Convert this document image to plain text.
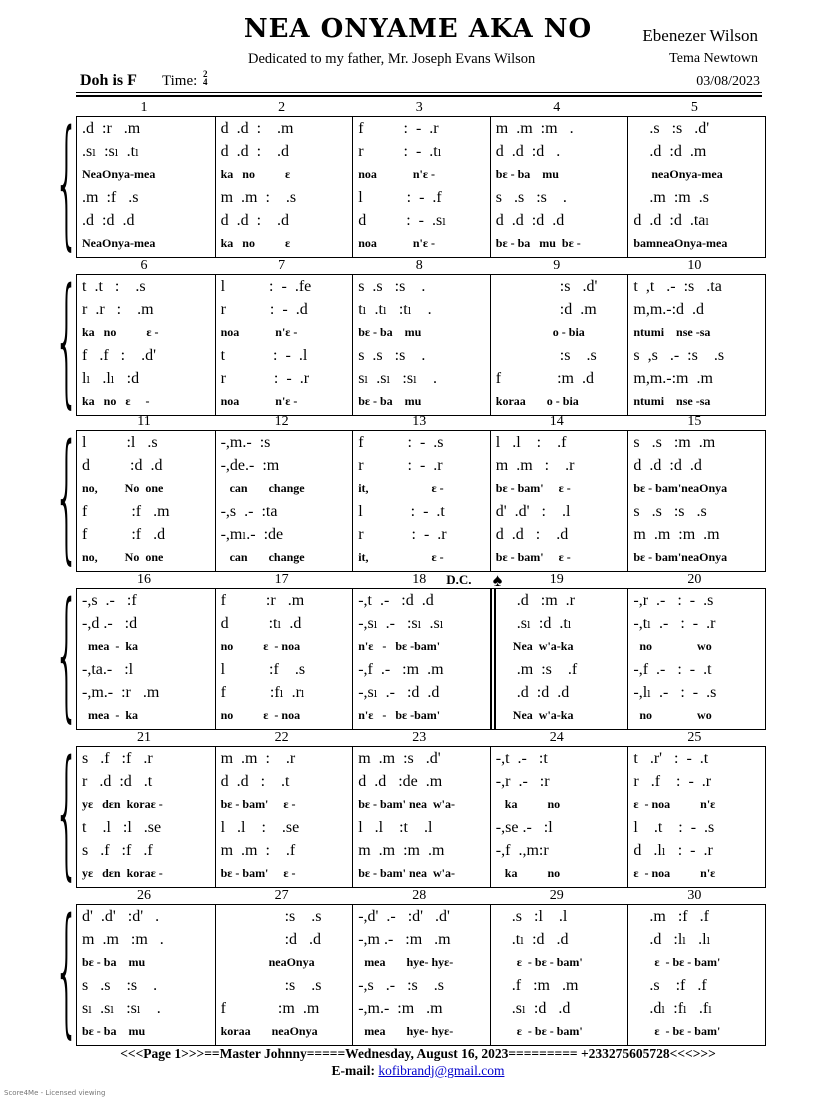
NEA ONYAME AKA NO	Ebenezer Wilson
Dedicated to my father, Mr. Joseph Evans Wilson	Tema Newtown
Doh is F Time: 2
4	03/08/2023
{	1	2	3	4	5
.d  :r   .m
.sₗ  :sₗ  .tₗ
NeaOnya-mea
.m  :f   .s
.d  :d  .d
NeaOnya-mea
d  .d  :    .m
d  .d  :    .d
ka   no          ɛ
m  .m  :    .s
d  .d  :    .d
ka   no          ɛ
f          :  -  .r
r          :  -  .tₗ
noa            n'ɛ -
l           :  -  .f
d          :  -  .sₗ
noa            n'ɛ -
m  .m  :m   .
d  .d  :d   .
bɛ - ba    mu
s   .s   :s    .
d  .d  :d  .d
bɛ - ba   mu  bɛ -
.s   :s   .d'
.d  :d  .m
neaOnya-mea
.m  :m  .s
d  .d  :d  .taₗ
bamneaOnya-mea
{	6	7	8	9	10
t  .t   :    .s
r  .r   :    .m
ka   no          ɛ -
f   .f   :    .d'
lₗ   .lₗ   :d
ka   no   ɛ     -
l           :  -  .fe
r           :  -  .d
noa            n'ɛ -
t            :  -  .l
r            :  -  .r
noa            n'ɛ -
s  .s   :s    .
tₗ  .tₗ   :tₗ    .
bɛ - ba    mu
s  .s   :s    .
sₗ  .sₗ   :sₗ    .
bɛ - ba    mu
:s   .d'
:d  .m
o - bia
:s    .s
f              :m  .d
koraa       o - bia
t  ,t   .-  :s   .ta
m,m.-:d  .d
ntumi    nse -sa
s  ,s   .-  :s    .s
m,m.-:m  .m
ntumi    nse -sa
{	11	12	13	14	15
l          :l   .s
d          :d  .d
no,         No  one
f           :f   .m
f           :f   .d
no,         No  one
-,m.-  :s
-,de.-  :m
can       change
-,s  .-  :ta
-,mₗ.-  :de
can       change
f           :  -  .s
r           :  -  .r
it,                     ɛ -
l            :  -  .t
r            :  -  .r
it,                     ɛ -
l   .l    :    .f
m  .m   :    .r
bɛ - bam'     ɛ -
d'  .d'   :    .l
d  .d   :    .d
bɛ - bam'     ɛ -
s   .s   :m  .m
d  .d  :d  .d
bɛ - bam'neaOnya
s   .s   :s   .s
m  .m  :m  .m
bɛ - bam'neaOnya
{	16	17	18	19	20
D.C. ♠
-,s  .-   :f
-,d .-   :d
mea  -  ka
-,ta.-   :l
-,m.-  :r   .m
mea  -  ka
f          :r   .m
d          :tₗ  .d
no          ɛ  - noa
l           :f    .s
f           :fₗ  .rₗ
no          ɛ  - noa
-,t  .-   :d  .d
-,sₗ  .-   :sₗ  .sₗ
n'ɛ   -   bɛ -bam'
-,f  .-   :m  .m
-,sₗ  .-   :d  .d
n'ɛ   -   bɛ -bam'
.d   :m  .r
.sₗ  :d  .tₗ
Nea  w'a-ka
.m  :s    .f
.d  :d  .d
Nea  w'a-ka
-,r  .-   :  -  .s
-,tₗ  .-   :  -  .r
no               wo
-,f  .-   :  -  .t
-,lₗ  .-   :  -  .s
no               wo
{	21	22	23	24	25
s   .f   :f   .r
r   .d  :d   .t
yɛ   dɛn  koraɛ -
t    .l   :l   .se
s   .f   :f   .f
yɛ   dɛn  koraɛ -
m  .m  :    .r
d  .d   :    .t
bɛ - bam'     ɛ -
l   .l    :    .se
m  .m  :    .f
bɛ - bam'     ɛ -
m  .m  :s   .d'
d  .d   :de  .m
bɛ - bam' nea  w'a-
l   .l    :t    .l
m  .m  :m  .m
bɛ - bam' nea  w'a-
-,t  .-   :t
-,r  .-   :r
ka          no
-,se .-   :l
-,f  .,m:r
ka          no
t   .r'   :  -  .t
r   .f    :  -  .r
ɛ  - noa          n'ɛ
l    .t    :  -  .s
d   .lₗ   :  -  .r
ɛ  - noa          n'ɛ
{	26	27	28	29	30
d'  .d'   :d'   .
m  .m   :m   .
bɛ - ba    mu
s   .s    :s    .
sₗ  .sₗ   :sₗ    .
bɛ - ba    mu
:s    .s
:d   .d
neaOnya
:s    .s
f             :m  .m
koraa       neaOnya
-,d'  .-   :d'   .d'
-,m .-   :m   .m
mea       hye- hyɛ-
-,s   .-   :s    .s
-,m.-  :m   .m
mea       hye- hyɛ-
.s   :l    .l
.tₗ  :d   .d
ɛ  - bɛ - bam'
.f   :m   .m
.sₗ  :d   .d
ɛ  - bɛ - bam'
.m   :f   .f
.d   :lₗ   .lₗ
ɛ  - bɛ - bam'
.s    :f   .f
.dₗ  :fₗ   .fₗ
ɛ  - bɛ - bam'
<<<Page 1>>>==Master Johnny=====Wednesday, August 16, 2023========= +233275605728<<<>>>
E-mail: kofibrandj@gmail.com
Score4Me - Licensed viewing
